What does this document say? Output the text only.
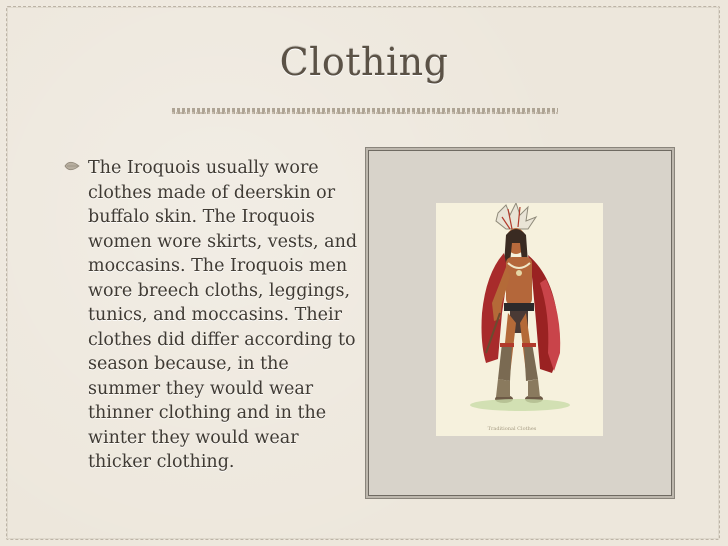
Clothing
The Iroquois usually wore clothes made of deerskin or buffalo skin. The Iroquois women wore skirts, vests, and moccasins. The Iroquois men wore breech cloths, leggings, tunics, and moccasins. Their clothes did differ according to season because, in the summer they would wear thinner clothing and in the winter they would wear thicker clothing.
Traditional Clothes
